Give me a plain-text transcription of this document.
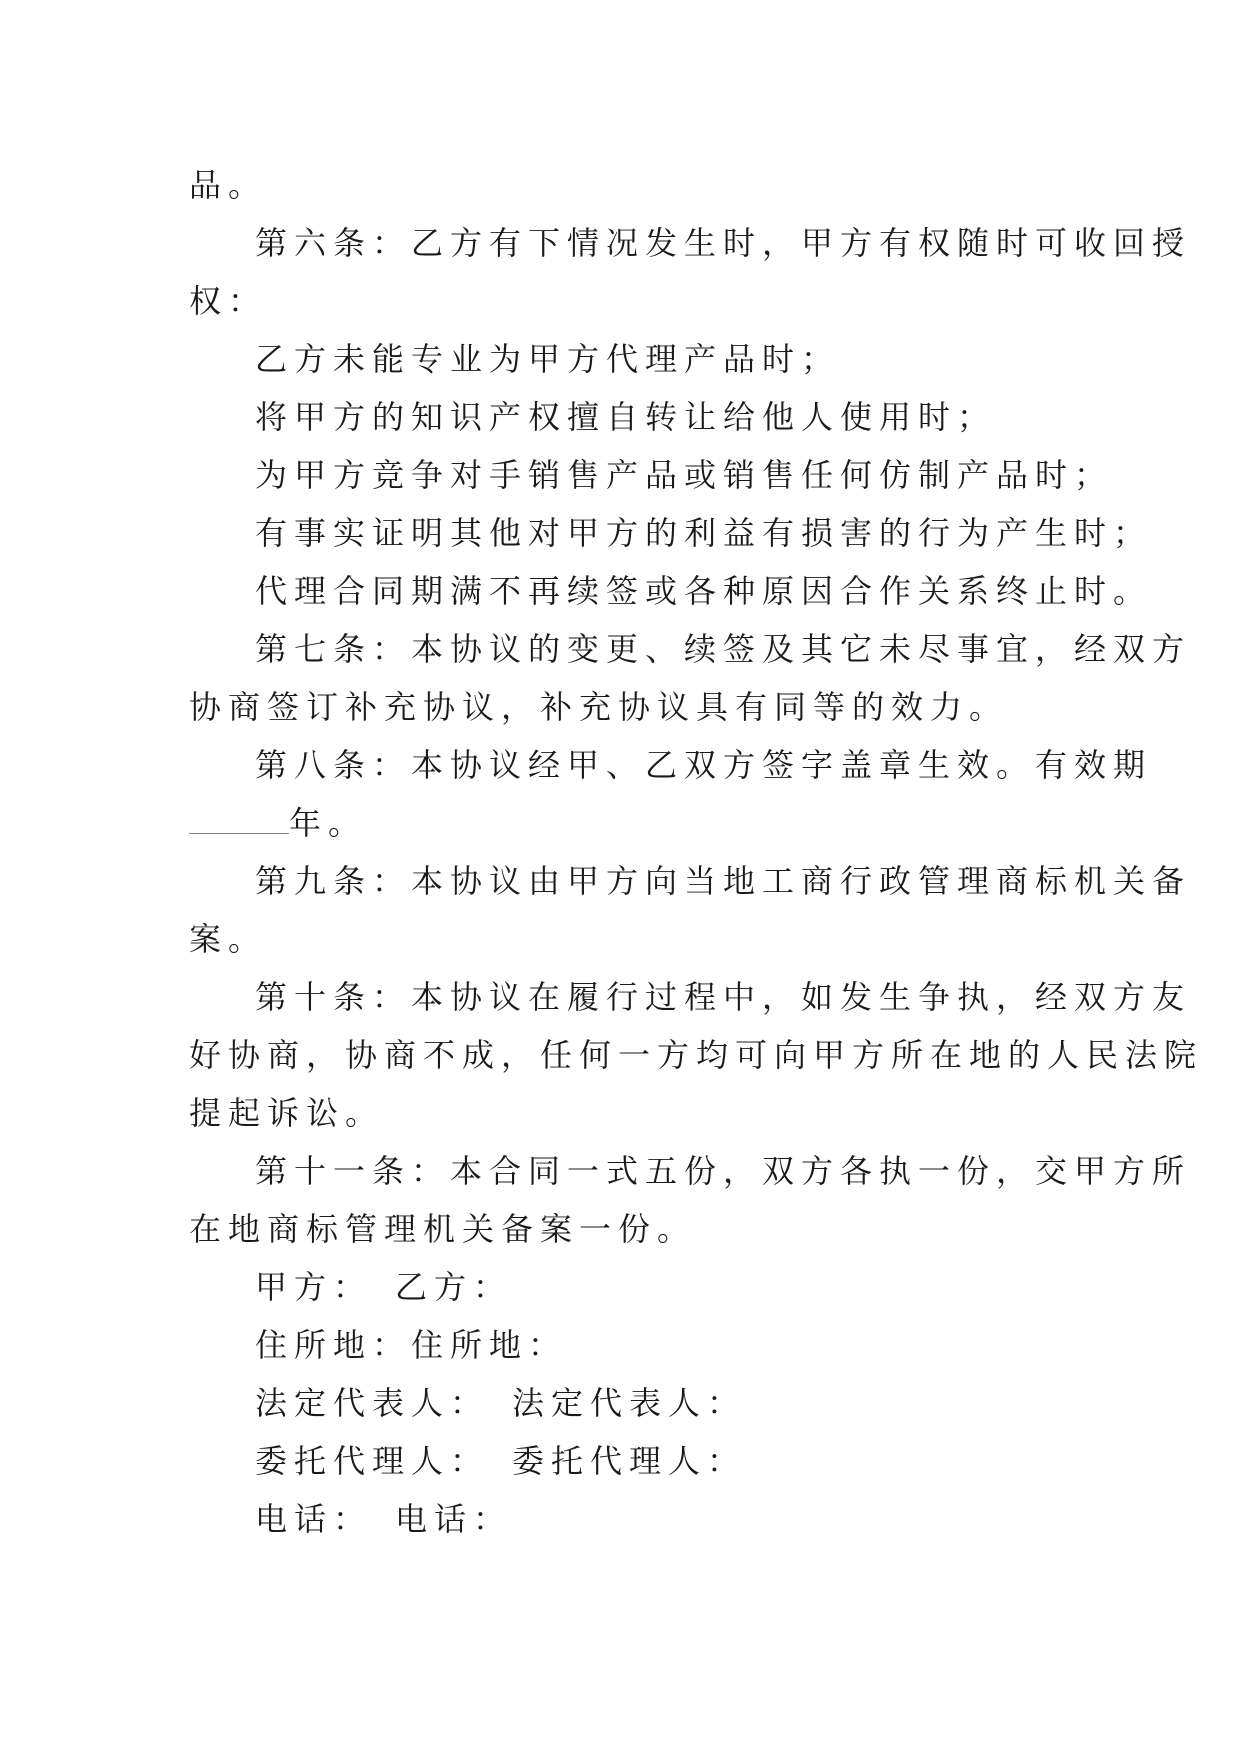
品。
第六条：乙方有下情况发生时，甲方有权随时可收回授
权：
乙方未能专业为甲方代理产品时；
将甲方的知识产权擅自转让给他人使用时；
为甲方竞争对手销售产品或销售任何仿制产品时；
有事实证明其他对甲方的利益有损害的行为产生时；
代理合同期满不再续签或各种原因合作关系终止时。
第七条：本协议的变更、续签及其它未尽事宜，经双方
协商签订补充协议，补充协议具有同等的效力。
第八条：本协议经甲、乙双方签字盖章生效。有效期
年。
第九条：本协议由甲方向当地工商行政管理商标机关备
案。
第十条：本协议在履行过程中，如发生争执，经双方友
好协商，协商不成，任何一方均可向甲方所在地的人民法院
提起诉讼。
第十一条：本合同一式五份，双方各执一份，交甲方所
在地商标管理机关备案一份。
甲方：　乙方：
住所地：住所地：
法定代表人：　法定代表人：
委托代理人：　委托代理人：
电话：　电话：
